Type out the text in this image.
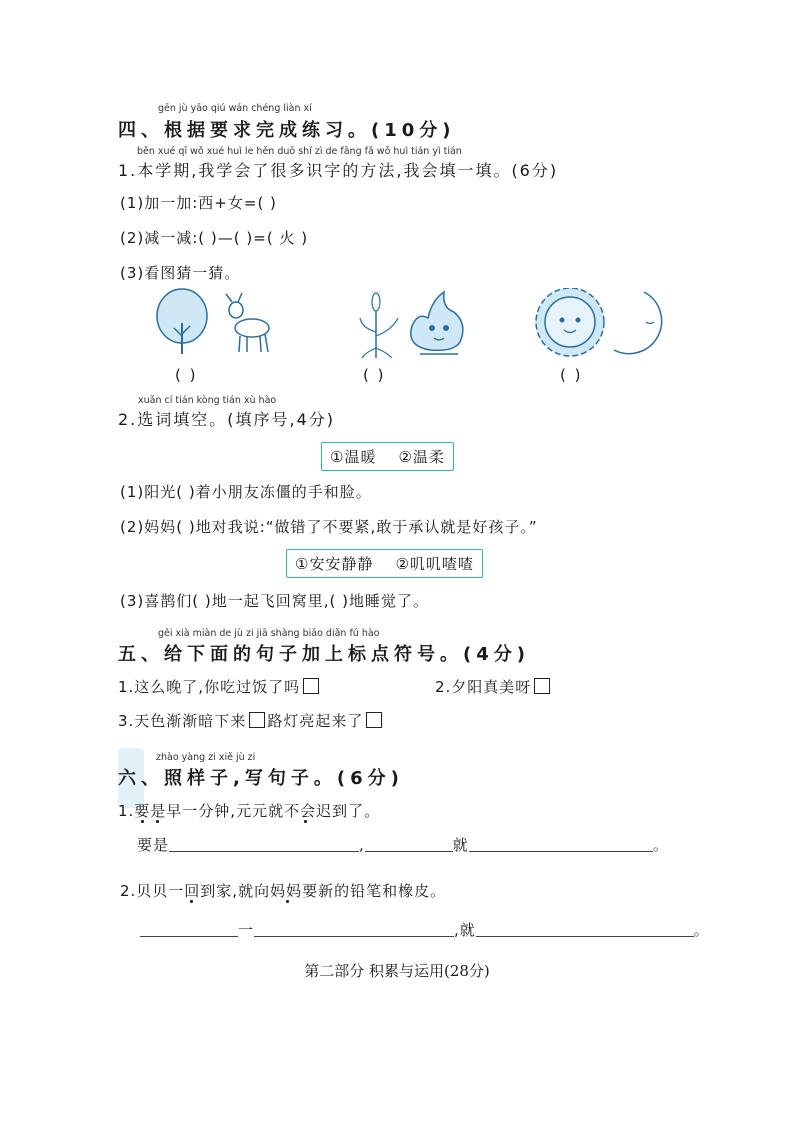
gēn jù yāo qiú wán chéng liàn xí
四、根据要求完成练习。(10分)
běn xué qī wǒ xué huì le hěn duō shí zì de fāng fǎ wǒ huì tián yì tián
1.本学期,我学会了很多识字的方法,我会填一填。(6分)
(1)加一加:西+女=( )
(2)减一减:( )—( )=( 火 )
(3)看图猜一猜。
( )	( )	( )
xuǎn cí tián kòng tián xù hào
2.选词填空。(填序号,4分)
①温暖 ②温柔
(1)阳光( )着小朋友冻僵的手和脸。
(2)妈妈( )地对我说:“做错了不要紧,敢于承认就是好孩子。”
①安安静静 ②叽叽喳喳
(3)喜鹊们( )地一起飞回窝里,( )地睡觉了。
gěi xià miàn de jù zi jiā shàng biāo diǎn fú hào
五、给下面的句子加上标点符号。(4分)
1.这么晚了,你吃过饭了吗	2.夕阳真美呀
3.天色渐渐暗下来 路灯亮起来了
zhào yàng zi xiě jù zi
六、照样子,写句子。(6分)
1.要是早一分钟,元元就不会迟到了。
要是	,	就	。
2.贝贝一回到家,就向妈妈要新的铅笔和橡皮。
一	,就	。
第二部分 积累与运用(28分)
